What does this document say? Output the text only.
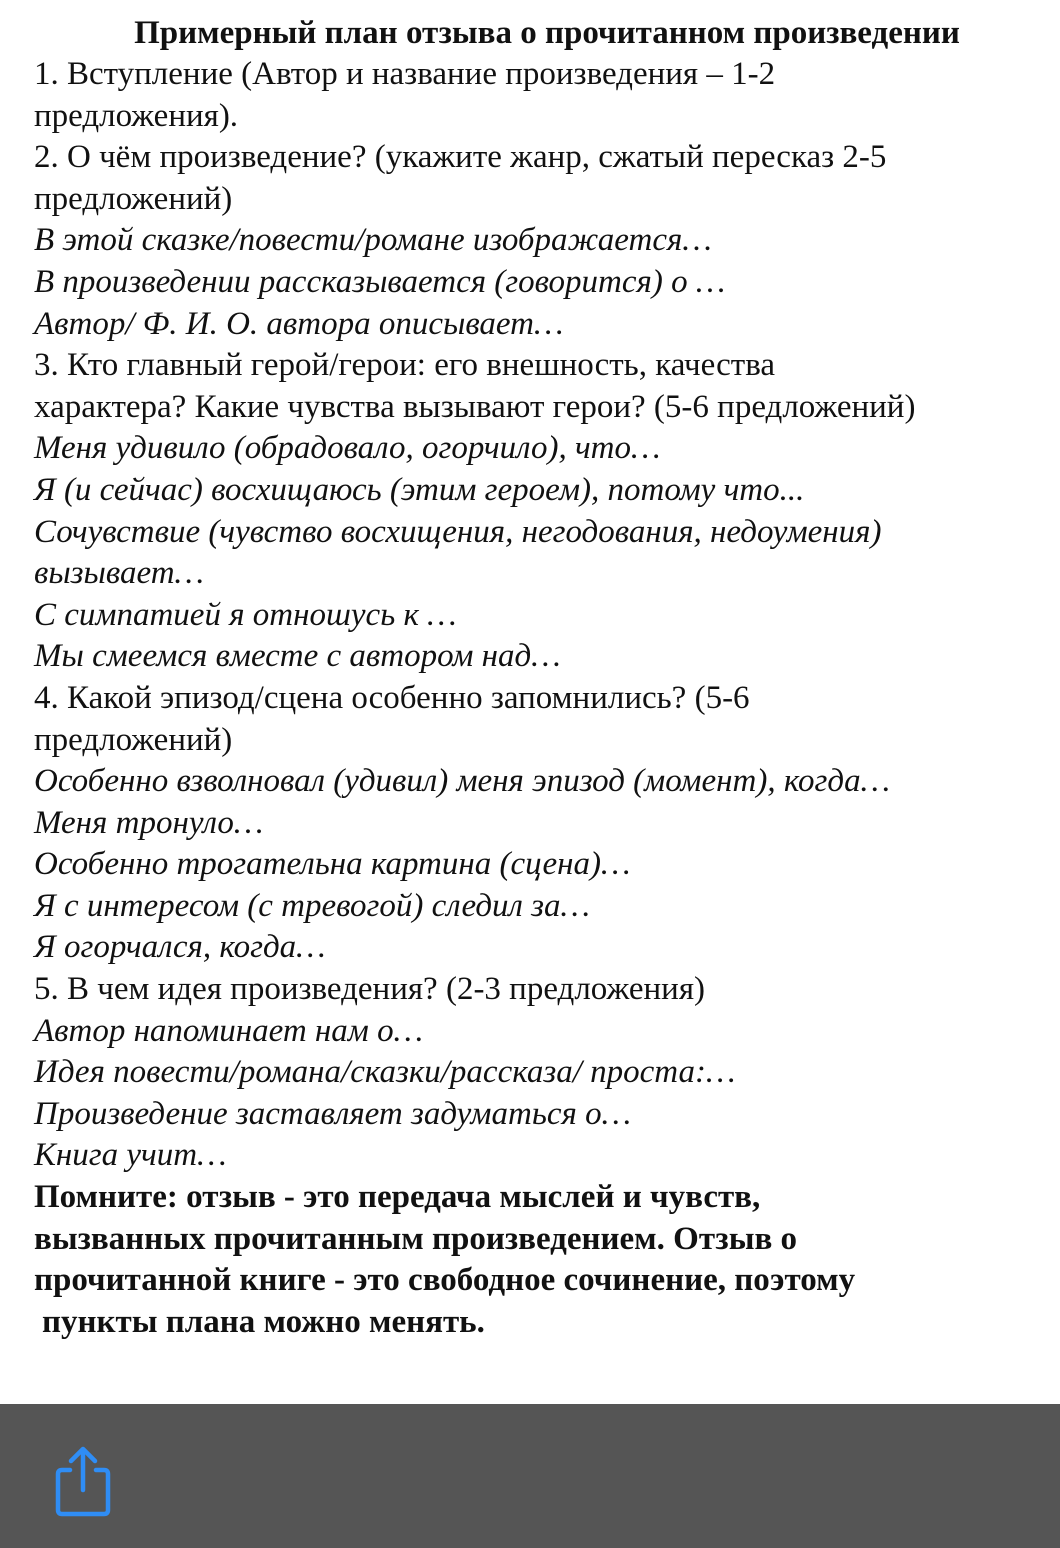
Примерный план отзыва о прочитанном произведении
1. Вступление (Автор и название произведения – 1-2
предложения).
2. О чём произведение? (укажите жанр, сжатый пересказ 2-5
предложений)
В этой сказке/повести/романе изображается…
В произведении рассказывается (говорится) о …
Автор/ Ф. И. О. автора описывает…
3. Кто главный герой/герои: его внешность, качества
характера? Какие чувства вызывают герои? (5-6 предложений)
Меня удивило (обрадовало, огорчило), что…
Я (и сейчас) восхищаюсь (этим героем), потому что...
Сочувствие (чувство восхищения, негодования, недоумения)
вызывает…
С симпатией я отношусь к …
Мы смеемся вместе с автором над…
4. Какой эпизод/сцена особенно запомнились? (5-6
предложений)
Особенно взволновал (удивил) меня эпизод (момент), когда…
Меня тронуло…
Особенно трогательна картина (сцена)…
Я с интересом (с тревогой) следил за…
Я огорчался, когда…
5. В чем идея произведения? (2-3 предложения)
Автор напоминает нам о…
Идея повести/романа/сказки/рассказа/ проста:…
Произведение заставляет задуматься о…
Книга учит…
Помните: отзыв - это передача мыслей и чувств,
вызванных прочитанным произведением. Отзыв о
прочитанной книге - это свободное сочинение, поэтому
пункты плана можно менять.
